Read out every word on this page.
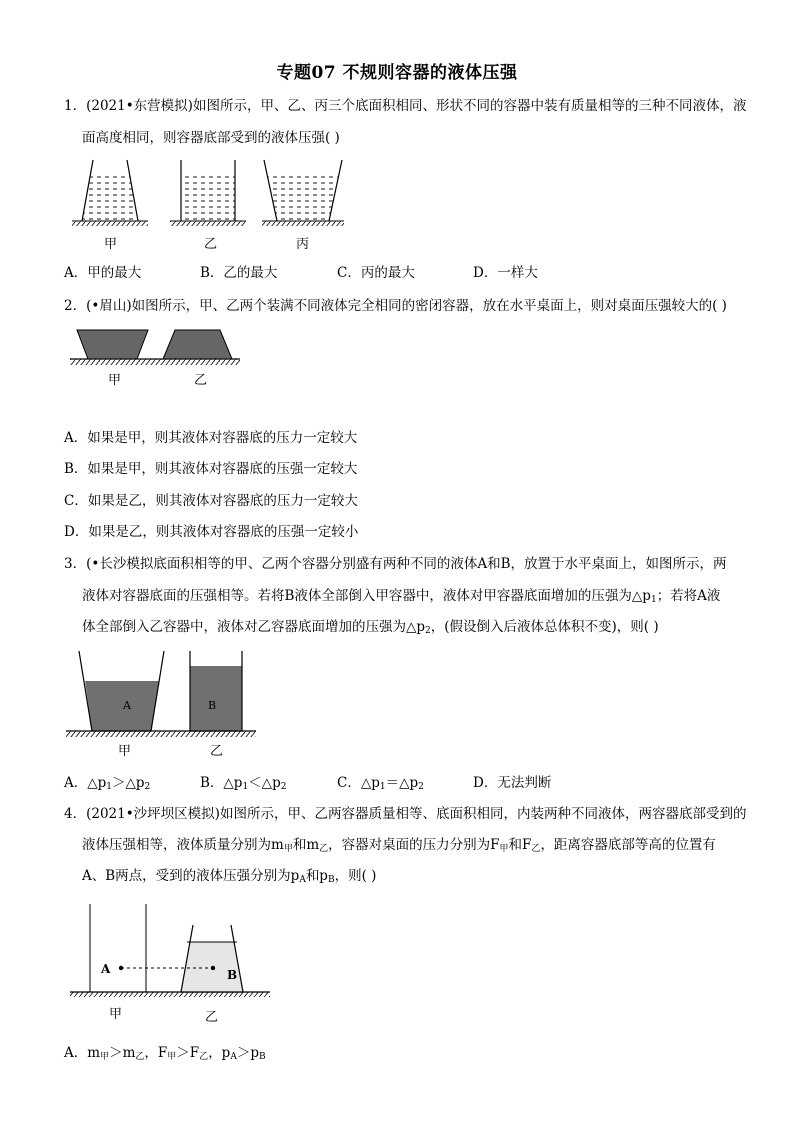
专题07 不规则容器的液体压强
1．(2021•东营模拟)如图所示，甲、乙、丙三个底面积相同、形状不同的容器中装有质量相等的三种不同液体，液
面高度相同，则容器底部受到的液体压强( )
甲	乙	丙
A．甲的最大	B．乙的最大	C．丙的最大	D．一样大
2．(•眉山)如图所示，甲、乙两个装满不同液体完全相同的密闭容器，放在水平桌面上，则对桌面压强较大的( )
甲	乙
A．如果是甲，则其液体对容器底的压力一定较大
B．如果是甲，则其液体对容器底的压强一定较大
C．如果是乙，则其液体对容器底的压力一定较大
D．如果是乙，则其液体对容器底的压强一定较小
3．(•长沙模拟底面积相等的甲、乙两个容器分别盛有两种不同的液体A和B，放置于水平桌面上，如图所示，两
液体对容器底面的压强相等。若将B液体全部倒入甲容器中，液体对甲容器底面增加的压强为$\triangle p_1$；若将A液
体全部倒入乙容器中，液体对乙容器底面增加的压强为$\triangle p_2$，(假设倒入后液体总体积不变)，则( )
A	B
甲	乙
A．$\triangle p_1>\triangle p_2$	B．$\triangle p_1<\triangle p_2$	C．$\triangle p_1=\triangle p_2$	D．无法判断
4．(2021•沙坪坝区模拟)如图所示，甲、乙两容器质量相等、底面积相同，内装两种不同液体，两容器底部受到的
液体压强相等，液体质量分别为$m_甲$和$m_乙$，容器对桌面的压力分别为$F_甲$和$F_乙$，距离容器底部等高的位置有
A、B两点，受到的液体压强分别为$p_A$和$p_B$，则( )
A	B
甲	乙
A．$m_甲>m_乙$，$F_甲>F_乙$，$p_A>p_B$
